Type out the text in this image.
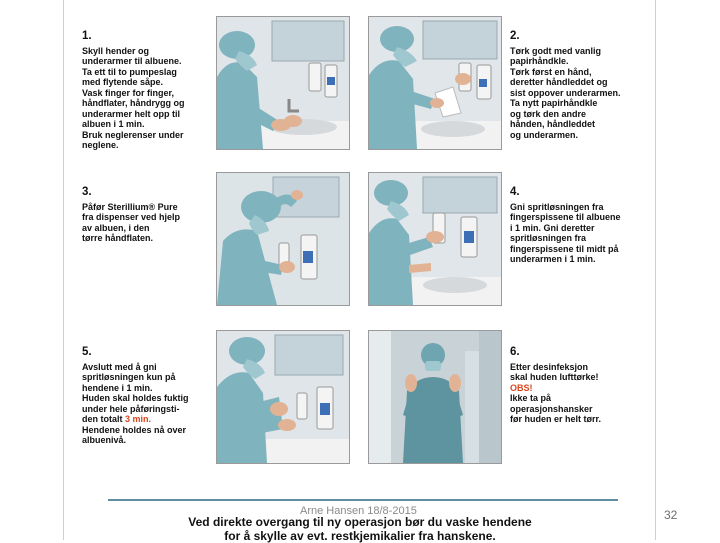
1.
Skyll hender og
underarmer til albuene.
Ta ett til to pumpeslag
med flytende såpe.
Vask finger for finger,
håndflater, håndrygg og
underarmer helt opp til
albuen i 1 min.
Bruk neglerenser under
neglene.

2.
Tørk godt med vanlig
papirhåndkle.
Tørk først en hånd,
deretter håndleddet og
sist oppover underarmen.
Ta nytt papirhåndkle
og tørk den andre
hånden, håndleddet
og underarmen.

3.
Påfør Sterillium® Pure
fra dispenser ved hjelp
av albuen, i den
tørre håndflaten.

4.
Gni spritløsningen fra
fingerspissene til albuene
i 1 min. Gni deretter
spritløsningen fra
fingerspissene til midt på
underarmen i 1 min.

5.
Avslutt med å gni
spritløsningen kun på
hendene i 1 min.
Huden skal holdes fuktig
under hele påføringsti-
den totalt 3 min.
Hendene holdes nå over
albuenivå.

6.
Etter desinfeksjon
skal huden lufttørke!
OBS!
Ikke ta på
operasjonshansker
før huden er helt tørr.

Ved direkte overgang til ny operasjon bør du vaske hendene
for å skylle av evt. restkjemikalier fra hanskene.
Arne Hansen 18/8-2015	32
